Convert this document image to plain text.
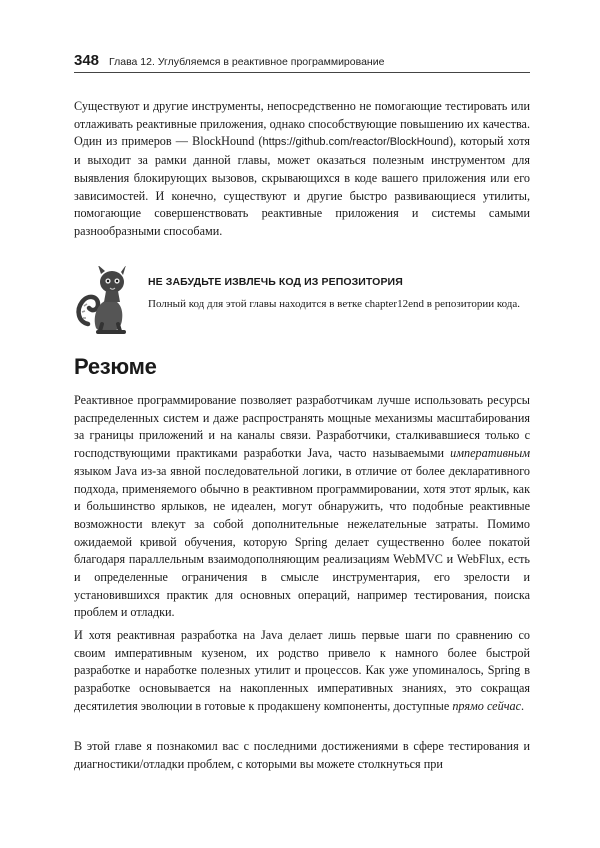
348 Глава 12. Углубляемся в реактивное программирование

Существуют и другие инструменты, непосредственно не помогающие тестировать или отлаживать реактивные приложения, однако способствующие повышению их качества. Один из примеров — BlockHound (https://github.com/reactor/BlockHound), который хотя и выходит за рамки данной главы, может оказаться полезным инструментом для выявления блокирующих вызовов, скрывающихся в коде вашего приложения или его зависимостей. И конечно, существуют и другие быстро развивающиеся утилиты, помогающие совершенствовать реактивные приложения и системы самыми разнообразными способами.

НЕ ЗАБУДЬТЕ ИЗВЛЕЧЬ КОД ИЗ РЕПОЗИТОРИЯ

Полный код для этой главы находится в ветке chapter12end в репозитории кода.

Резюме

Реактивное программирование позволяет разработчикам лучше использовать ресурсы распределенных систем и даже распространять мощные механизмы масштабирования за границы приложений и на каналы связи. Разработчики, сталкивавшиеся только с господствующими практиками разработки Java, часто называемыми императивным языком Java из-за явной последовательной логики, в отличие от более декларативного подхода, применяемого обычно в реактивном программировании, хотя этот ярлык, как и большинство ярлыков, не идеален, могут обнаружить, что подобные реактивные возможности влекут за собой дополнительные нежелательные затраты. Помимо ожидаемой кривой обучения, которую Spring делает существенно более покатой благодаря параллельным взаимодополняющим реализациям WebMVC и WebFlux, есть и определенные ограничения в смысле инструментария, его зрелости и установившихся практик для основных операций, например тестирования, поиска проблем и отладки.

И хотя реактивная разработка на Java делает лишь первые шаги по сравнению со своим императивным кузеном, их родство привело к намного более быстрой разработке и наработке полезных утилит и процессов. Как уже упоминалось, Spring в разработке основывается на накопленных императивных знаниях, это сокращая десятилетия эволюции в готовые к продакшену компоненты, доступные прямо сейчас.

В этой главе я познакомил вас с последними достижениями в сфере тестирования и диагностики/отладки проблем, с которыми вы можете столкнуться при
